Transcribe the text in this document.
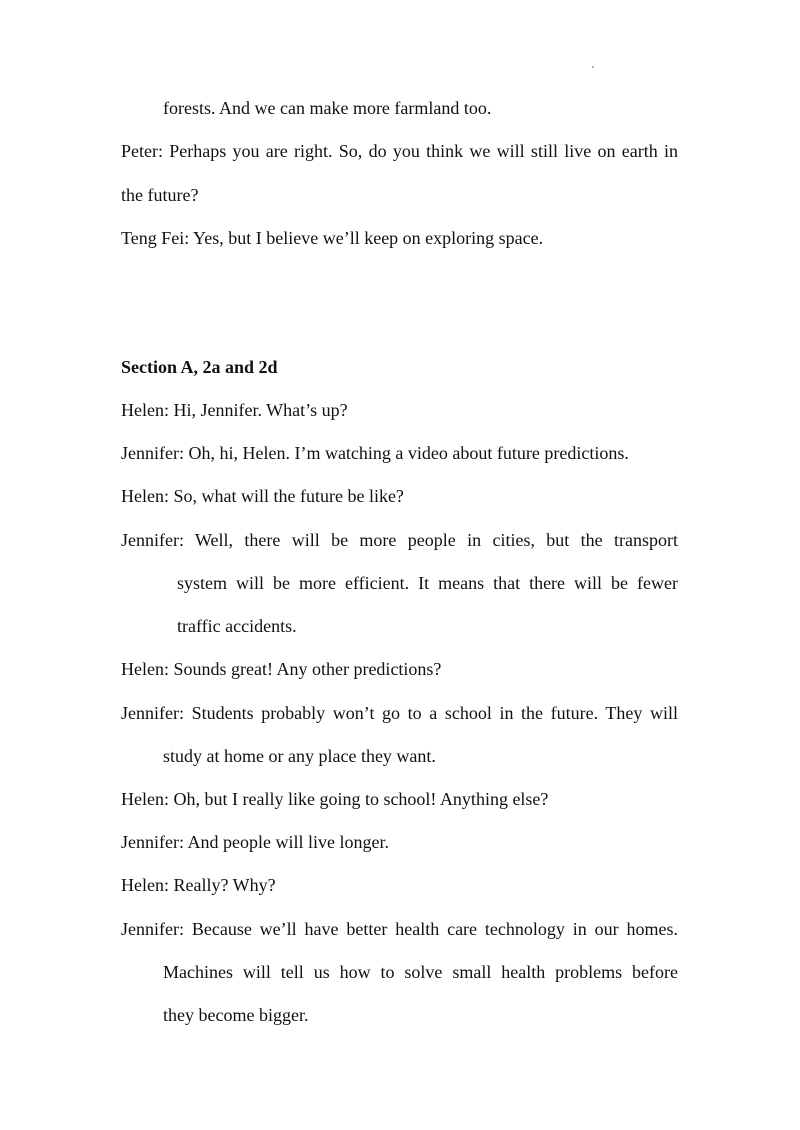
forests. And we can make more farmland too.
Peter: Perhaps you are right. So, do you think we will still live on earth in
the future?
Teng Fei: Yes, but I believe we’ll keep on exploring space.
Section A, 2a and 2d
Helen: Hi, Jennifer. What’s up?
Jennifer: Oh, hi, Helen. I’m watching a video about future predictions.
Helen: So, what will the future be like?
Jennifer: Well, there will be more people in cities, but the transport
system will be more efficient. It means that there will be fewer
traffic accidents.
Helen: Sounds great! Any other predictions?
Jennifer: Students probably won’t go to a school in the future. They will
study at home or any place they want.
Helen: Oh, but I really like going to school! Anything else?
Jennifer: And people will live longer.
Helen: Really? Why?
Jennifer: Because we’ll have better health care technology in our homes.
Machines will tell us how to solve small health problems before
they become bigger.
